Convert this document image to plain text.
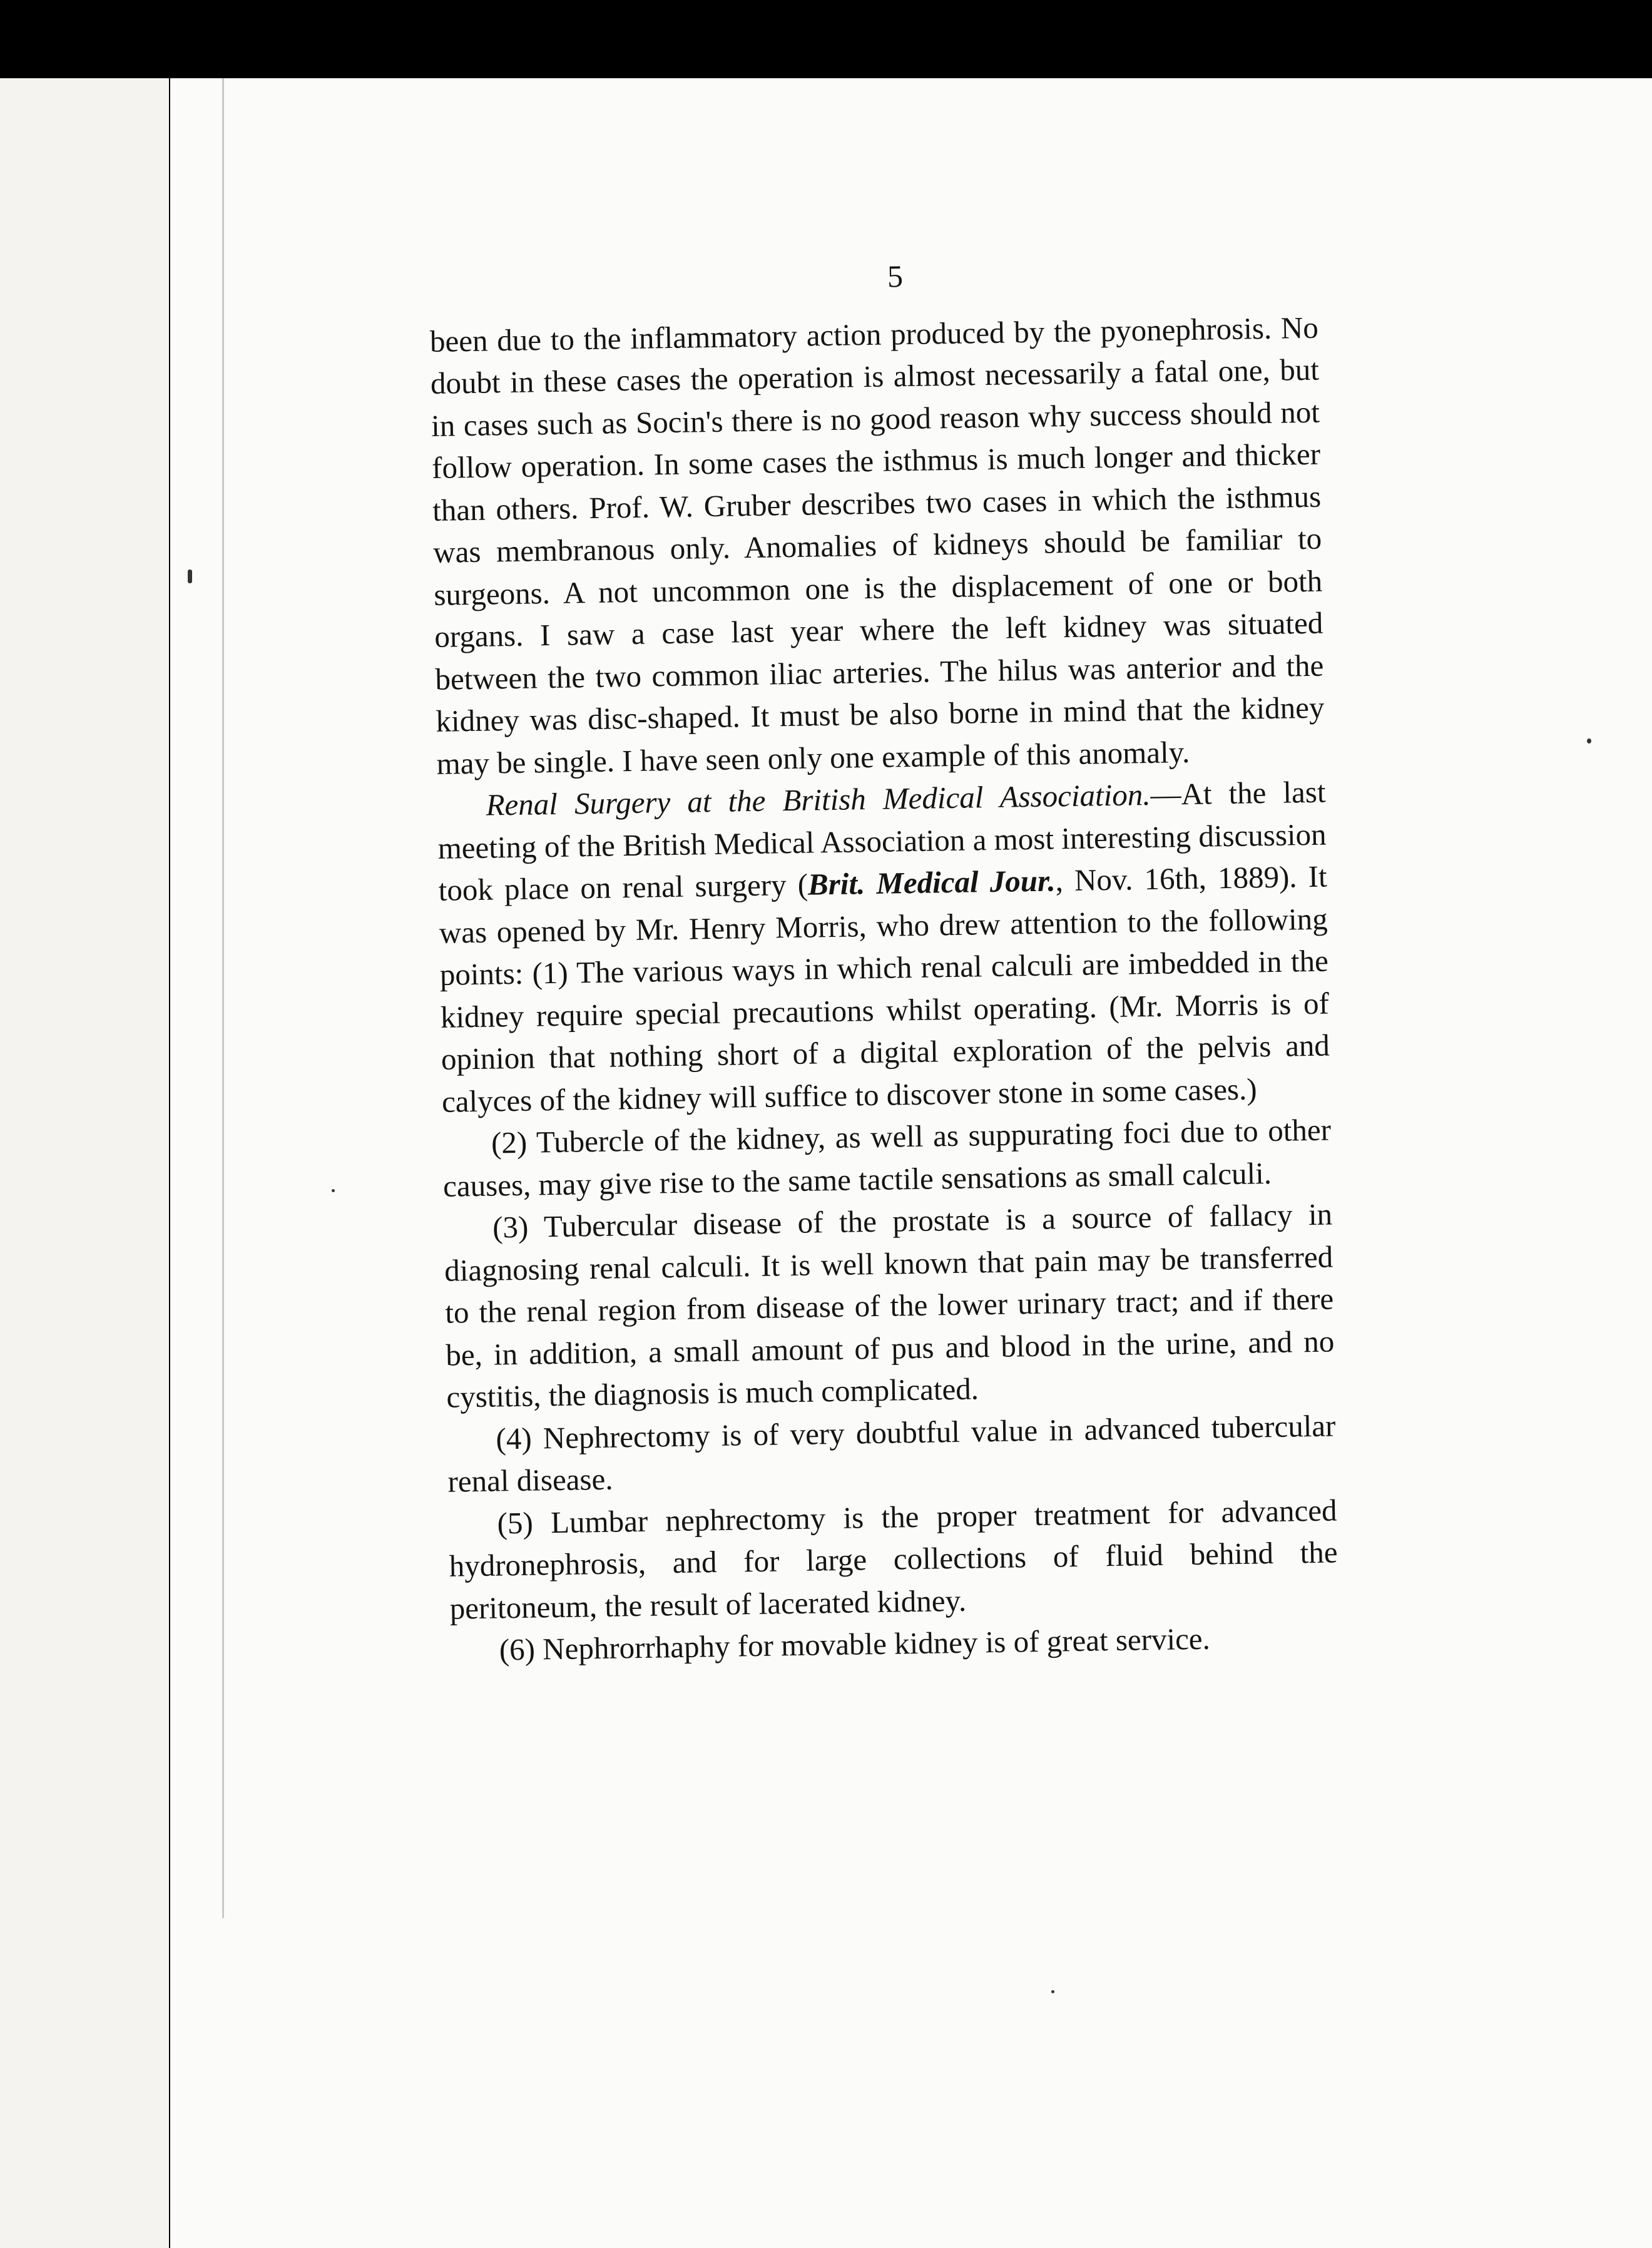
5

been due to the inflammatory action produced by the pyonephrosis. No doubt in these cases the operation is almost necessarily a fatal one, but in cases such as Socin's there is no good reason why success should not follow operation. In some cases the isthmus is much longer and thicker than others. Prof. W. Gruber describes two cases in which the isthmus was membranous only. Anomalies of kidneys should be familiar to surgeons. A not uncommon one is the displacement of one or both organs. I saw a case last year where the left kidney was situated between the two common iliac arteries. The hilus was anterior and the kidney was disc-shaped. It must be also borne in mind that the kidney may be single. I have seen only one example of this anomaly.

Renal Surgery at the British Medical Association.—At the last meeting of the British Medical Association a most interesting discussion took place on renal surgery (Brit. Medical Jour., Nov. 16th, 1889). It was opened by Mr. Henry Morris, who drew attention to the following points: (1) The various ways in which renal calculi are imbedded in the kidney require special precautions whilst operating. (Mr. Morris is of opinion that nothing short of a digital exploration of the pelvis and calyces of the kidney will suffice to discover stone in some cases.)

(2) Tubercle of the kidney, as well as suppurating foci due to other causes, may give rise to the same tactile sensations as small calculi.

(3) Tubercular disease of the prostate is a source of fallacy in diagnosing renal calculi. It is well known that pain may be transferred to the renal region from disease of the lower urinary tract; and if there be, in addition, a small amount of pus and blood in the urine, and no cystitis, the diagnosis is much complicated.

(4) Nephrectomy is of very doubtful value in advanced tubercular renal disease.

(5) Lumbar nephrectomy is the proper treatment for advanced hydronephrosis, and for large collections of fluid behind the peritoneum, the result of lacerated kidney.

(6) Nephrorrhaphy for movable kidney is of great service.
